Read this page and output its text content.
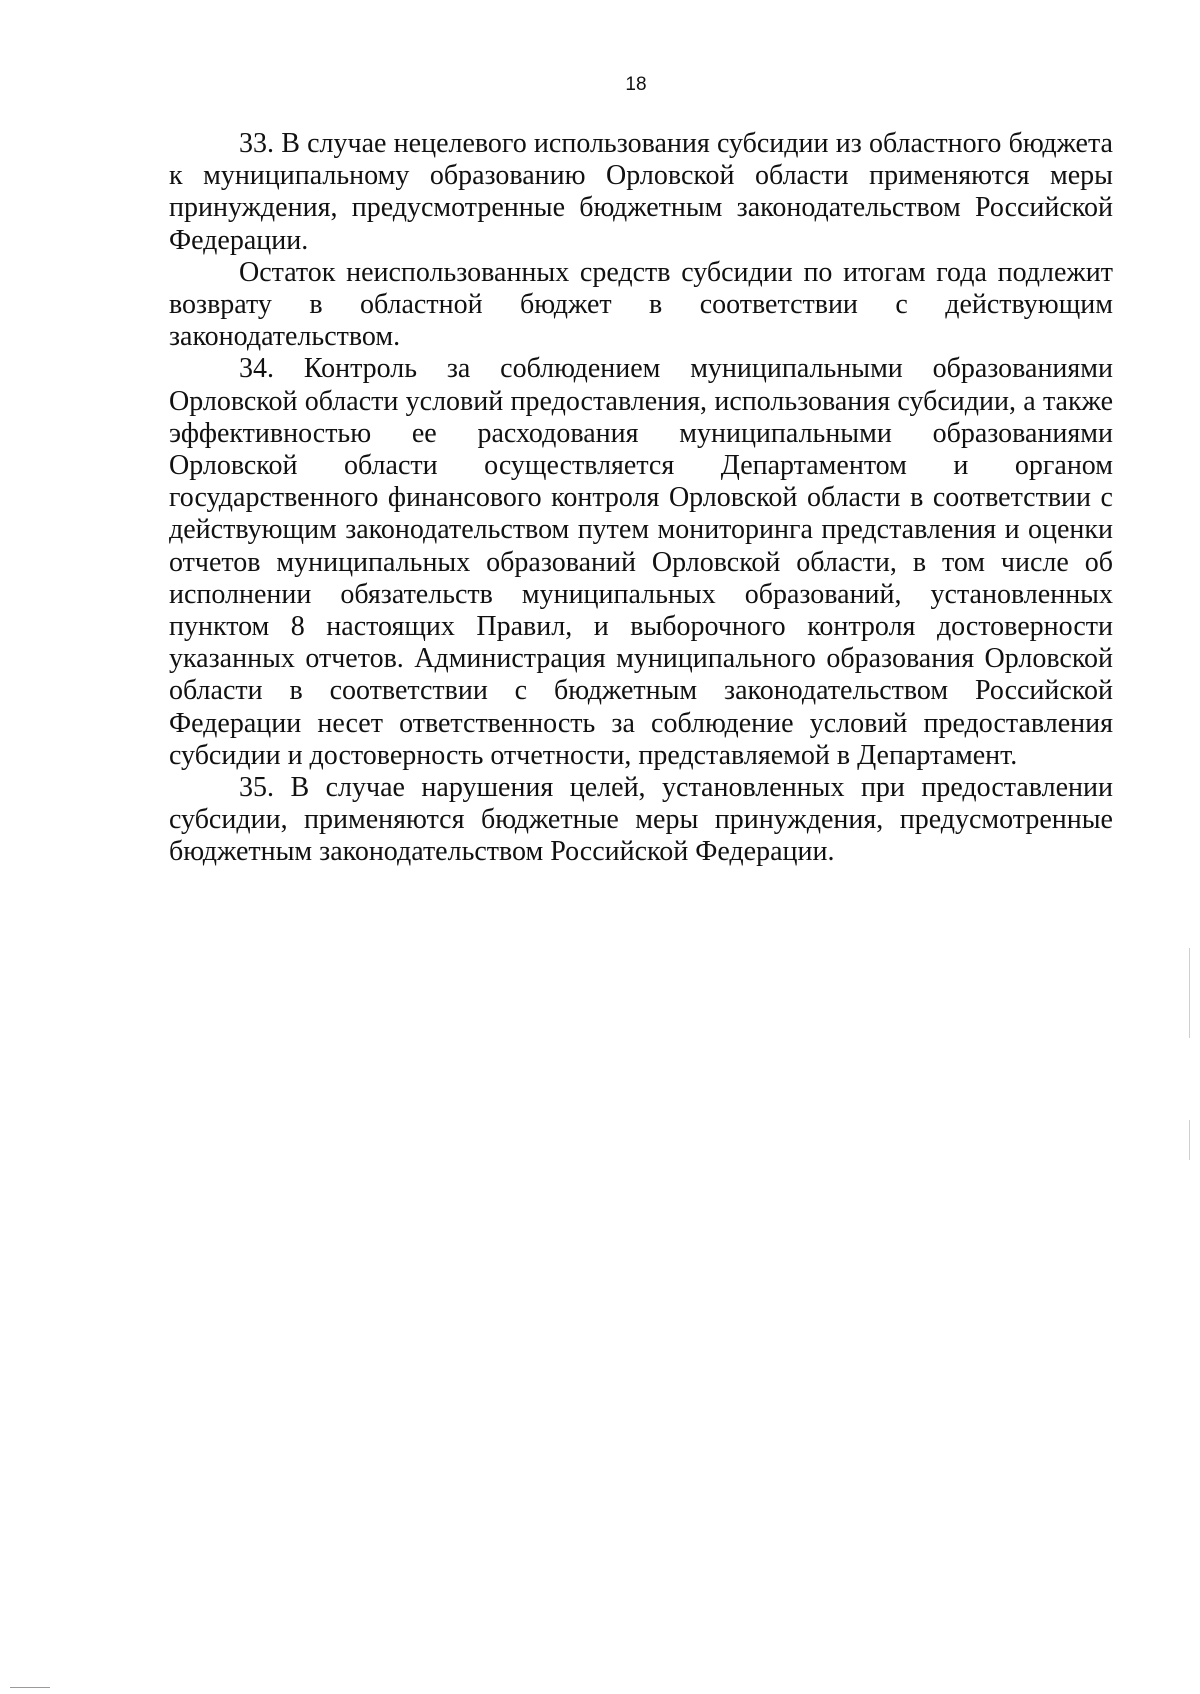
18

33. В случае нецелевого использования субсидии из областного бюджета к муниципальному образованию Орловской области применяются меры принуждения, предусмотренные бюджетным законодательством Российской Федерации.

Остаток неиспользованных средств субсидии по итогам года подлежит возврату в областной бюджет в соответствии с действующим законодательством.

34. Контроль за соблюдением муниципальными образованиями Орловской области условий предоставления, использования субсидии, а также эффективностью ее расходования муниципальными образованиями Орловской области осуществляется Департаментом и органом государственного финансового контроля Орловской области в соответствии с действующим законодательством путем мониторинга представления и оценки отчетов муниципальных образований Орловской области, в том числе об исполнении обязательств муниципальных образований, установленных пунктом 8 настоящих Правил, и выборочного контроля достоверности указанных отчетов. Администрация муниципального образования Орловской области в соответствии с бюджетным законодательством Российской Федерации несет ответственность за соблюдение условий предоставления субсидии и достоверность отчетности, представляемой в Департамент.

35. В случае нарушения целей, установленных при предоставлении субсидии, применяются бюджетные меры принуждения, предусмотренные бюджетным законодательством Российской Федерации.
